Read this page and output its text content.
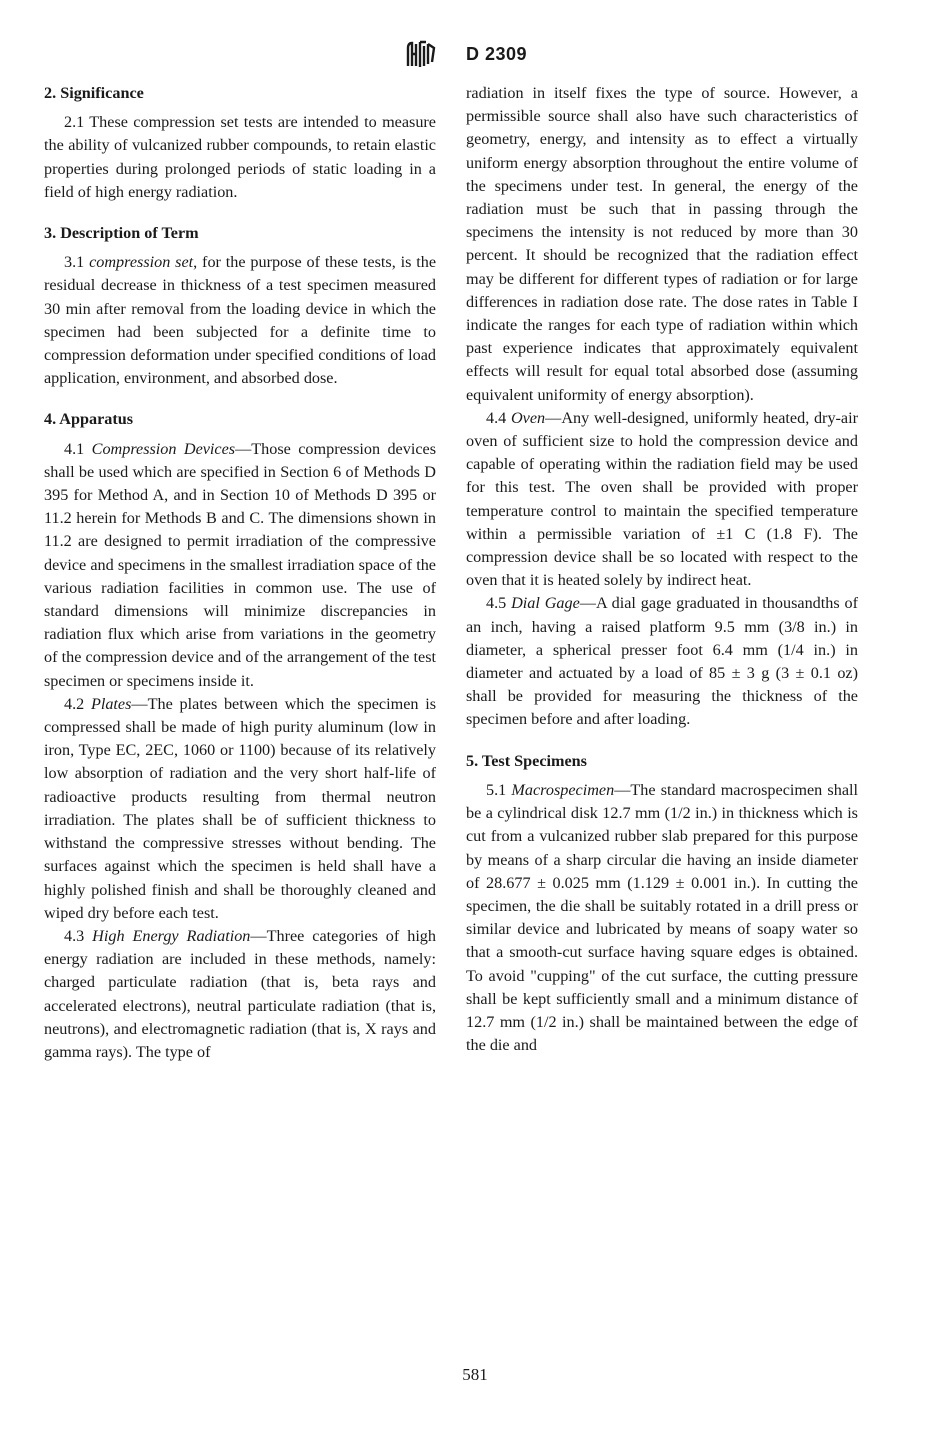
D 2309
2. Significance

2.1 These compression set tests are intended to measure the ability of vulcanized rubber compounds, to retain elastic properties during prolonged periods of static loading in a field of high energy radiation.

3. Description of Term

3.1 compression set, for the purpose of these tests, is the residual decrease in thickness of a test specimen measured 30 min after removal from the loading device in which the specimen had been subjected for a definite time to compression deformation under specified conditions of load application, environment, and absorbed dose.

4. Apparatus

4.1 Compression Devices—Those compression devices shall be used which are specified in Section 6 of Methods D 395 for Method A, and in Section 10 of Methods D 395 or 11.2 herein for Methods B and C. The dimensions shown in 11.2 are designed to permit irradiation of the compressive device and specimens in the smallest irradiation space of the various radiation facilities in common use. The use of standard dimensions will minimize discrepancies in radiation flux which arise from variations in the geometry of the compression device and of the arrangement of the test specimen or specimens inside it.

4.2 Plates—The plates between which the specimen is compressed shall be made of high purity aluminum (low in iron, Type EC, 2EC, 1060 or 1100) because of its relatively low absorption of radiation and the very short half-life of radioactive products resulting from thermal neutron irradiation. The plates shall be of sufficient thickness to withstand the compressive stresses without bending. The surfaces against which the specimen is held shall have a highly polished finish and shall be thoroughly cleaned and wiped dry before each test.

4.3 High Energy Radiation—Three categories of high energy radiation are included in these methods, namely: charged particulate radiation (that is, beta rays and accelerated electrons), neutral particulate radiation (that is, neutrons), and electromagnetic radiation (that is, X rays and gamma rays). The type of

radiation in itself fixes the type of source. However, a permissible source shall also have such characteristics of geometry, energy, and intensity as to effect a virtually uniform energy absorption throughout the entire volume of the specimens under test. In general, the energy of the radiation must be such that in passing through the specimens the intensity is not reduced by more than 30 percent. It should be recognized that the radiation effect may be different for different types of radiation or for large differences in radiation dose rate. The dose rates in Table I indicate the ranges for each type of radiation within which past experience indicates that approximately equivalent effects will result for equal total absorbed dose (assuming equivalent uniformity of energy absorption).

4.4 Oven—Any well-designed, uniformly heated, dry-air oven of sufficient size to hold the compression device and capable of operating within the radiation field may be used for this test. The oven shall be provided with proper temperature control to maintain the specified temperature within a permissible variation of ±1 C (1.8 F). The compression device shall be so located with respect to the oven that it is heated solely by indirect heat.

4.5 Dial Gage—A dial gage graduated in thousandths of an inch, having a raised platform 9.5 mm (3/8 in.) in diameter, a spherical presser foot 6.4 mm (1/4 in.) in diameter and actuated by a load of 85 ± 3 g (3 ± 0.1 oz) shall be provided for measuring the thickness of the specimen before and after loading.

5. Test Specimens

5.1 Macrospecimen—The standard macrospecimen shall be a cylindrical disk 12.7 mm (1/2 in.) in thickness which is cut from a vulcanized rubber slab prepared for this purpose by means of a sharp circular die having an inside diameter of 28.677 ± 0.025 mm (1.129 ± 0.001 in.). In cutting the specimen, the die shall be suitably rotated in a drill press or similar device and lubricated by means of soapy water so that a smooth-cut surface having square edges is obtained. To avoid "cupping" of the cut surface, the cutting pressure shall be kept sufficiently small and a minimum distance of 12.7 mm (1/2 in.) shall be maintained between the edge of the die and

581
